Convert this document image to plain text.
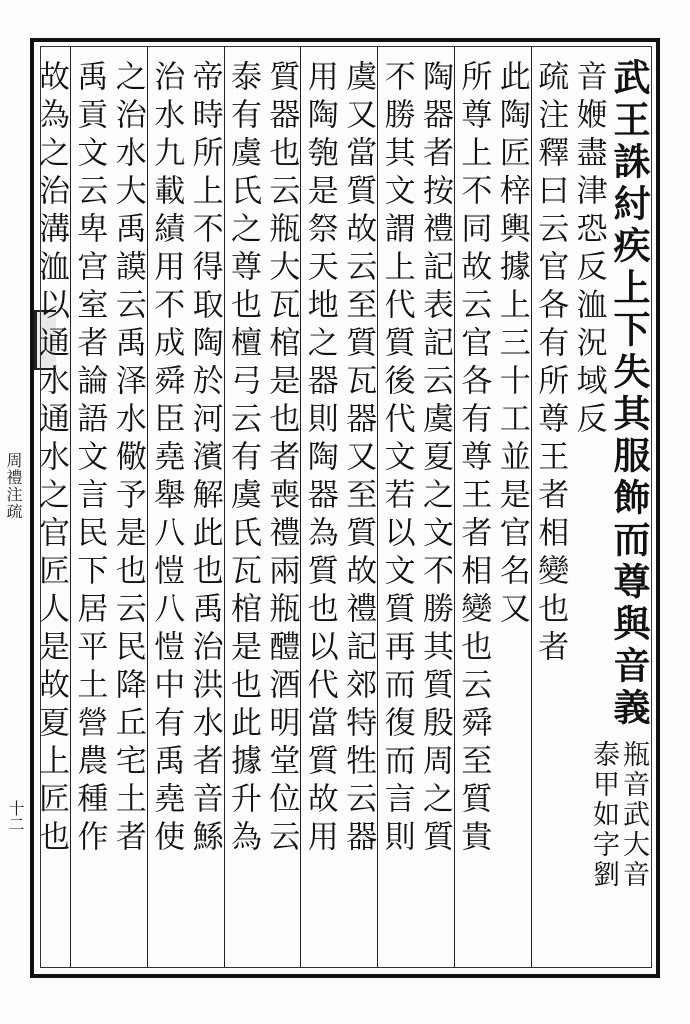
周禮注疏
十二
武王誅紂疾上下失其服飾而尊與音義
音㛹盡津恐反洫況域反
疏注釋曰云官各有所尊王者相變也者
此陶匠梓輿據上三十工並是官名又
所尊上不同故云官各有尊王者相變也云舜至質貴
陶器者按禮記表記云虞夏之文不勝其質殷周之質
不勝其文謂上代質後代文若以文質再而復而言則
虞又當質故云至質瓦器又至質故禮記郊特牲云器
用陶匏是祭天地之器則陶器為質也以代當質故用
質器也云瓶大瓦棺是也者喪禮兩瓶醴酒明堂位云
泰有虞氏之尊也檀弓云有虞氏瓦棺是也此據升為
帝時所上不得取陶於河濱解此也禹治洪水者音鯀
治水九載績用不成舜臣堯舉八愷八愷中有禹堯使
之治水大禹謨云禹泽水儆予是也云民降丘宅土者
禹貢文云卑宫室者論語文言民下居平土營農種作
故為之治溝洫以通水通水之官匠人是故夏上匠也	瓶音武大音
泰甲如字劉
